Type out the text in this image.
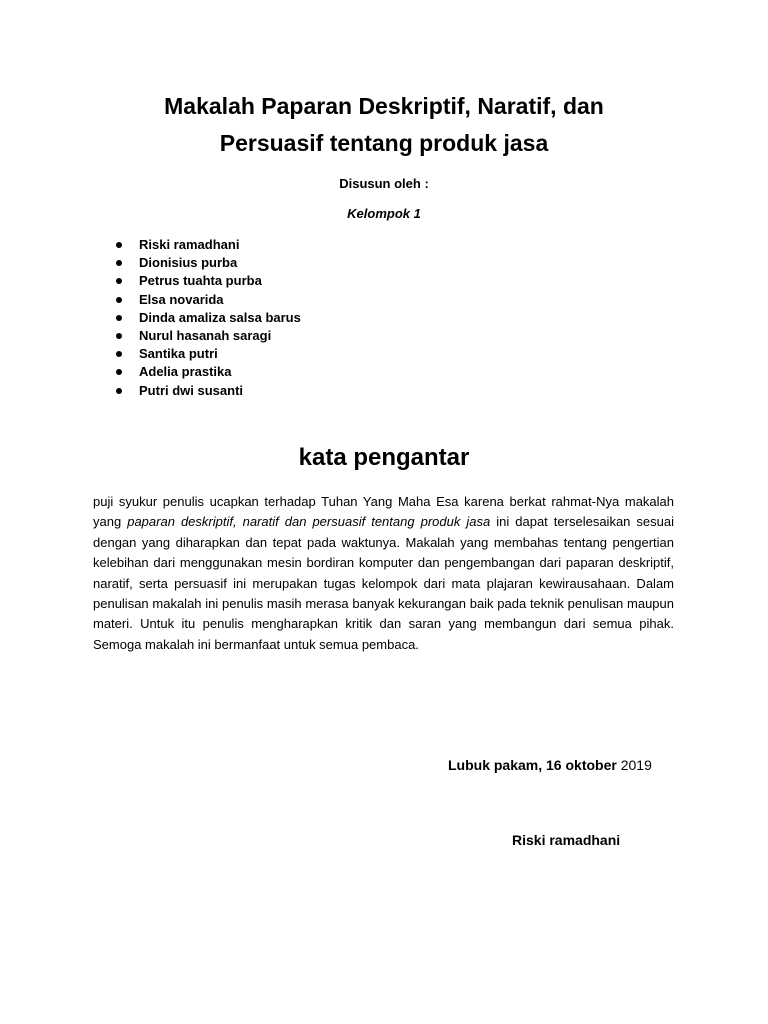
Makalah Paparan Deskriptif, Naratif, dan
Persuasif tentang produk jasa

Disusun oleh :

Kelompok 1

Riski ramadhani
Dionisius purba
Petrus tuahta purba
Elsa novarida
Dinda amaliza salsa barus
Nurul hasanah saragi
Santika putri
Adelia prastika
Putri dwi susanti
kata pengantar

puji syukur penulis ucapkan terhadap Tuhan Yang Maha Esa karena berkat rahmat-Nya makalah yang paparan deskriptif, naratif dan persuasif tentang produk jasa ini dapat terselesaikan sesuai dengan yang diharapkan dan tepat pada waktunya. Makalah yang membahas tentang pengertian kelebihan dari menggunakan mesin bordiran komputer dan pengembangan dari paparan deskriptif, naratif, serta persuasif ini merupakan tugas kelompok dari mata plajaran kewirausahaan. Dalam penulisan makalah ini penulis masih merasa banyak kekurangan baik pada teknik penulisan maupun materi. Untuk itu penulis mengharapkan kritik dan saran yang membangun dari semua pihak. Semoga makalah ini bermanfaat untuk semua pembaca.

Lubuk pakam, 16 oktober 2019

Riski ramadhani
